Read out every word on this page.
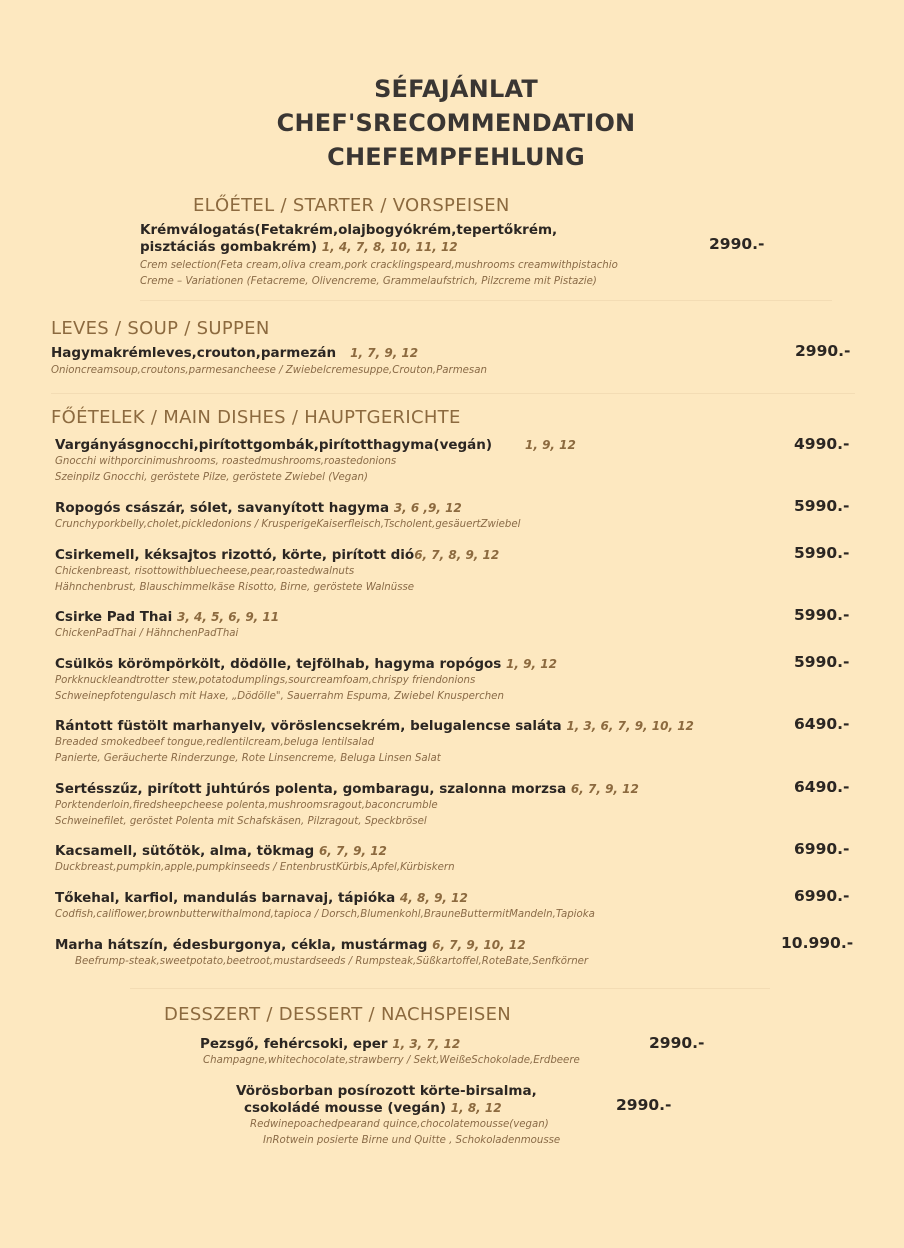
SÉFAJÁNLAT
CHEF'SRECOMMENDATION
CHEFEMPFEHLUNG
ELŐÉTEL / STARTER / VORSPEISEN
Krémválogatás(Fetakrém,olajbogyókrém,tepertőkrém,
pisztáciás gombakrém) 1, 4, 7, 8, 10, 11, 12
Crem selection(Feta cream,oliva cream,pork cracklingspeard,mushrooms creamwithpistachio
Creme – Variationen (Fetacreme, Olivencreme, Grammelaufstrich, Pilzcreme mit Pistazie)
2990.-
LEVES / SOUP / SUPPEN
Hagymakrémleves,crouton,parmezán 1, 7, 9, 12
Onioncreamsoup,croutons,parmesancheese / Zwiebelcremesuppe,Crouton,Parmesan
2990.-
FŐÉTELEK / MAIN DISHES / HAUPTGERICHTE
Vargányásgnocchi,pirítottgombák,pirítotthagyma(vegán)	1, 9, 12
Gnocchi withporcinimushrooms, roastedmushrooms,roastedonions
Szeinpilz Gnocchi, geröstete Pilze, geröstete Zwiebel (Vegan)
4990.-
Ropogós császár, sólet, savanyított hagyma 3, 6 ,9, 12
Crunchyporkbelly,cholet,pickledonions / KrusperigeKaiserfleisch,Tscholent,gesäuertZwiebel
5990.-
Csirkemell, kéksajtos rizottó, körte, pirított dió6, 7, 8, 9, 12
Chickenbreast, risottowithbluecheese,pear,roastedwalnuts
Hähnchenbrust, Blauschimmelkäse Risotto, Birne, geröstete Walnüsse
5990.-
Csirke Pad Thai 3, 4, 5, 6, 9, 11
ChickenPadThai / HähnchenPadThai
5990.-
Csülkös körömpörkölt, dödölle, tejfölhab, hagyma ropógos 1, 9, 12
Porkknuckleandtrotter stew,potatodumplings,sourcreamfoam,chrispy friendonions
Schweinepfotengulasch mit Haxe, „Dödölle", Sauerrahm Espuma, Zwiebel Knusperchen
5990.-
Rántott füstölt marhanyelv, vöröslencsekrém, belugalencse saláta 1, 3, 6, 7, 9, 10, 12
Breaded smokedbeef tongue,redlentilcream,beluga lentilsalad
Panierte, Geräucherte Rinderzunge, Rote Linsencreme, Beluga Linsen Salat
6490.-
Sertésszűz, pirított juhtúrós polenta, gombaragu, szalonna morzsa 6, 7, 9, 12
Porktenderloin,firedsheepcheese polenta,mushroomsragout,baconcrumble
Schweinefilet, geröstet Polenta mit Schafskäsen, Pilzragout, Speckbrösel
6490.-
Kacsamell, sütőtök, alma, tökmag 6, 7, 9, 12
Duckbreast,pumpkin,apple,pumpkinseeds / EntenbrustKürbis,Apfel,Kürbiskern
6990.-
Tőkehal, karfiol, mandulás barnavaj, tápióka 4, 8, 9, 12
Codfish,califlower,brownbutterwithalmond,tapioca / Dorsch,Blumenkohl,BrauneButtermitMandeln,Tapioka
6990.-
Marha hátszín, édesburgonya, cékla, mustármag 6, 7, 9, 10, 12
Beefrump-steak,sweetpotato,beetroot,mustardseeds / Rumpsteak,Süßkartoffel,RoteBate,Senfkörner
10.990.-
DESSZERT / DESSERT / NACHSPEISEN
Pezsgő, fehércsoki, eper 1, 3, 7, 12
Champagne,whitechocolate,strawberry / Sekt,WeißeSchokolade,Erdbeere
2990.-
Vörösborban posírozott körte-birsalma,
csokoládé mousse (vegán) 1, 8, 12
Redwinepoachedpearand quince,chocolatemousse(vegan)
InRotwein posierte Birne und Quitte , Schokoladenmousse
2990.-
